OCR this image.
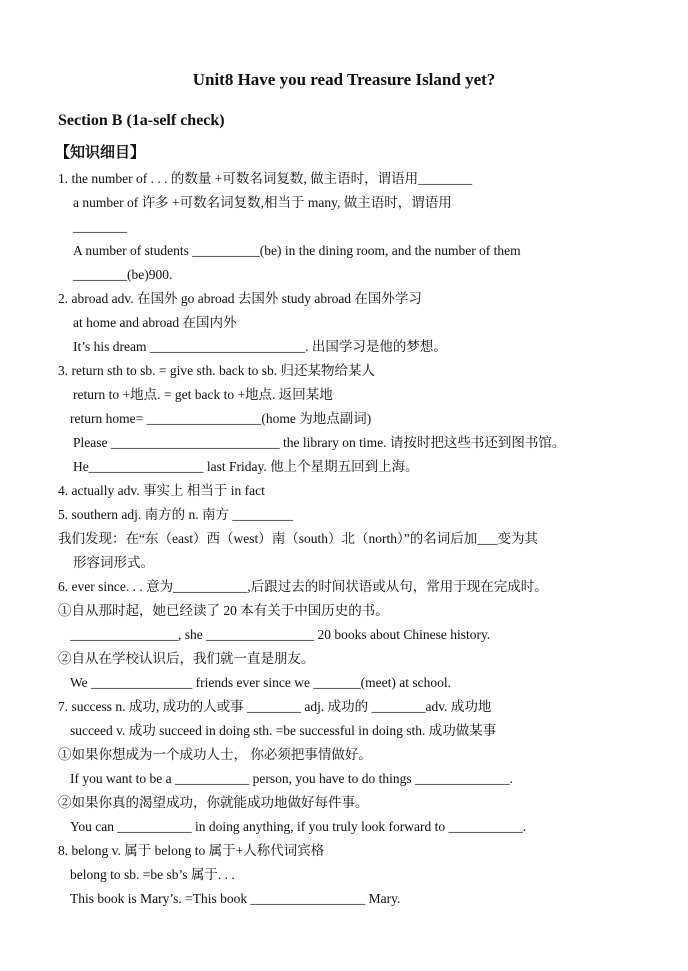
Unit8 Have you read Treasure Island yet?
Section B (1a-self check)
【知识细目】
1. the number of . . . 的数量 +可数名词复数, 做主语时，谓语用________
a number of 许多 +可数名词复数,相当于 many, 做主语时，谓语用
________
A number of students __________(be) in the dining room, and the number of them
________(be)900.
2. abroad adv. 在国外 go abroad 去国外 study abroad 在国外学习
at home and abroad 在国内外
It’s his dream _______________________. 出国学习是他的梦想。
3. return sth to sb. = give sth. back to sb. 归还某物给某人
return to +地点. = get back to +地点. 返回某地
return home= _________________(home 为地点副词)
Please _________________________ the library on time. 请按时把这些书还到图书馆。
He_________________ last Friday. 他上个星期五回到上海。
4. actually adv. 事实上 相当于 in fact
5. southern adj. 南方的 n. 南方 _________
我们发现：在“东（east）西（west）南（south）北（north）”的名词后加___变为其
形容词形式。
6. ever since. . . 意为___________,后跟过去的时间状语或从句，常用于现在完成时。
①自从那时起，她已经读了 20 本有关于中国历史的书。
________________, she ________________ 20 books about Chinese history.
②自从在学校认识后，我们就一直是朋友。
We _______________ friends ever since we _______(meet) at school.
7. success n. 成功, 成功的人或事 ________ adj. 成功的 ________adv. 成功地
succeed v. 成功 succeed in doing sth. =be successful in doing sth. 成功做某事
①如果你想成为一个成功人士， 你必须把事情做好。
If you want to be a ___________ person, you have to do things ______________.
②如果你真的渴望成功，你就能成功地做好每件事。
You can ___________ in doing anything, if you truly look forward to ___________.
8. belong v. 属于 belong to 属于+人称代词宾格
belong to sb. =be sb’s 属于. . .
This book is Mary’s. =This book _________________ Mary.
